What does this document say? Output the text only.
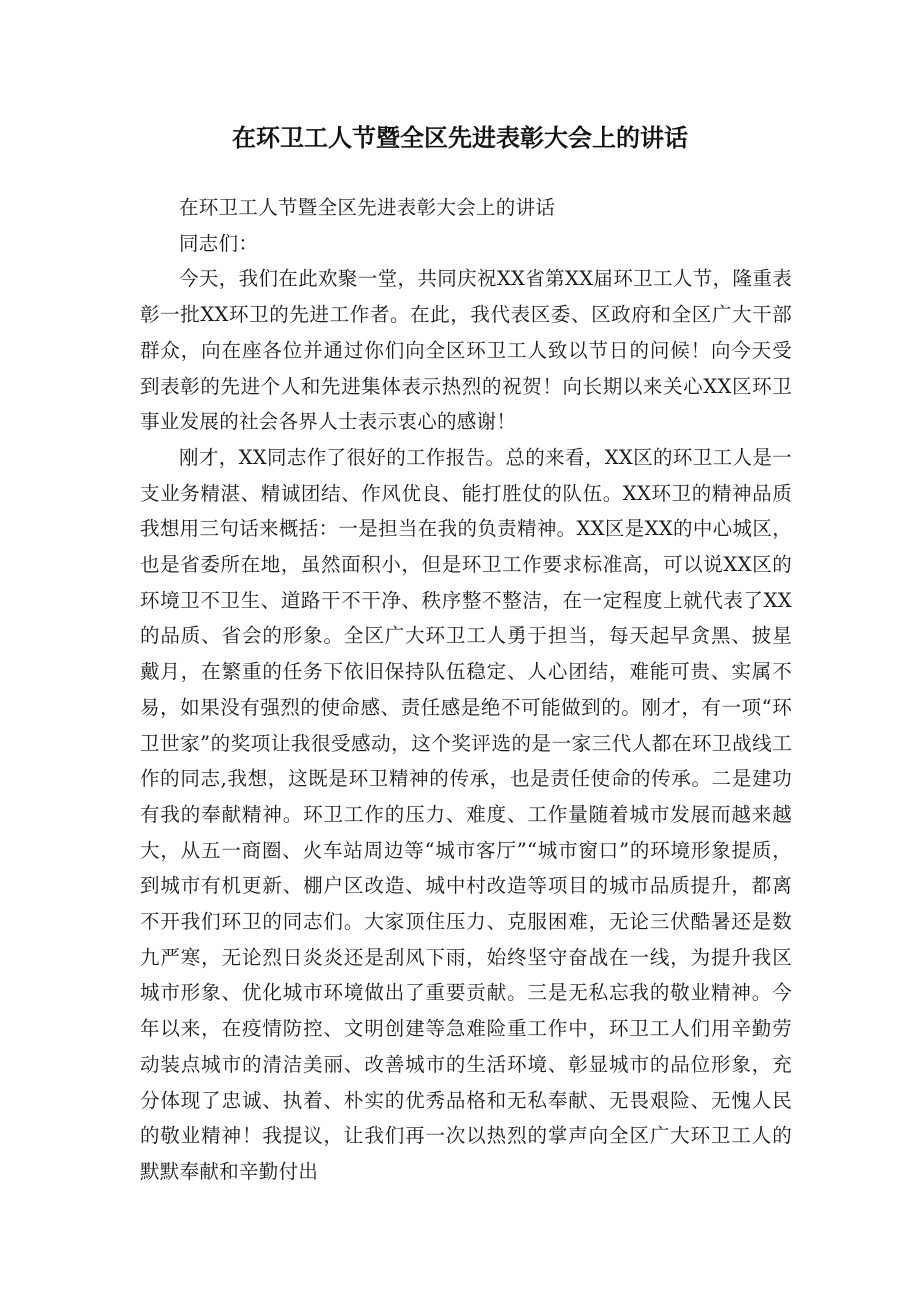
在环卫工人节暨全区先进表彰大会上的讲话

在环卫工人节暨全区先进表彰大会上的讲话

同志们：

今天，我们在此欢聚一堂，共同庆祝XX省第XX届环卫工人节，隆重表彰一批XX环卫的先进工作者。在此，我代表区委、区政府和全区广大干部群众，向在座各位并通过你们向全区环卫工人致以节日的问候！向今天受到表彰的先进个人和先进集体表示热烈的祝贺！向长期以来关心XX区环卫事业发展的社会各界人士表示衷心的感谢！

刚才，XX同志作了很好的工作报告。总的来看，XX区的环卫工人是一支业务精湛、精诚团结、作风优良、能打胜仗的队伍。XX环卫的精神品质我想用三句话来概括：一是担当在我的负责精神。XX区是XX的中心城区，也是省委所在地，虽然面积小，但是环卫工作要求标准高，可以说XX区的环境卫不卫生、道路干不干净、秩序整不整洁，在一定程度上就代表了XX的品质、省会的形象。全区广大环卫工人勇于担当，每天起早贪黑、披星戴月，在繁重的任务下依旧保持队伍稳定、人心团结，难能可贵、实属不易，如果没有强烈的使命感、责任感是绝不可能做到的。刚才，有一项“环卫世家”的奖项让我很受感动，这个奖评选的是一家三代人都在环卫战线工作的同志,我想，这既是环卫精神的传承，也是责任使命的传承。二是建功有我的奉献精神。环卫工作的压力、难度、工作量随着城市发展而越来越大，从五一商圈、火车站周边等“城市客厅”“城市窗口”的环境形象提质，到城市有机更新、棚户区改造、城中村改造等项目的城市品质提升，都离不开我们环卫的同志们。大家顶住压力、克服困难，无论三伏酷暑还是数九严寒，无论烈日炎炎还是刮风下雨，始终坚守奋战在一线，为提升我区城市形象、优化城市环境做出了重要贡献。三是无私忘我的敬业精神。今年以来，在疫情防控、文明创建等急难险重工作中，环卫工人们用辛勤劳动装点城市的清洁美丽、改善城市的生活环境、彰显城市的品位形象，充分体现了忠诚、执着、朴实的优秀品格和无私奉献、无畏艰险、无愧人民的敬业精神！我提议，让我们再一次以热烈的掌声向全区广大环卫工人的默默奉献和辛勤付出
